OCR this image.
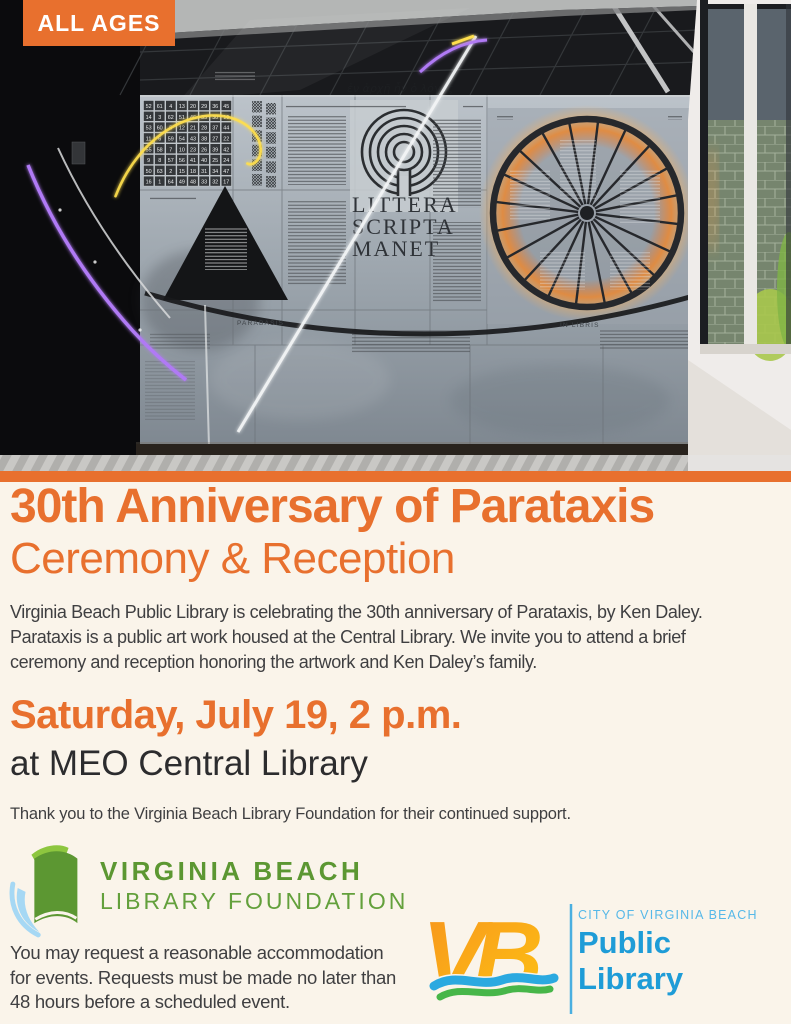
52 61 4 13 20 29 36 45
14 3 62 51 46 35 30 19
53 60 5 12 21 28 37 44
11 6 59 54 43 38 27 22
55 58 7 10 23 26 39 42
9 8 57 56 41 40 25 24
50 63 2 15 18 31 34 47
16 1 64 49 48 33 32 17
ἐν ἀρχῇ ἦν ὁ λόγος
LITTERA
SCRIPTA
MANET
PARABASIS	IN LIBRIS
ALL AGES
30th Anniversary of Parataxis
Ceremony & Reception
Virginia Beach Public Library is celebrating the 30th anniversary of Parataxis, by Ken Daley.
Parataxis is a public art work housed at the Central Library. We invite you to attend a brief
ceremony and reception honoring the artwork and Ken Daley’s family.
Saturday, July 19, 2 p.m.
at MEO Central Library
Thank you to the Virginia Beach Library Foundation for their continued support.
VIRGINIA BEACH
LIBRARY FOUNDATION
You may request a reasonable accommodation
for events. Requests must be made no later than
48 hours before a scheduled event.	VB	CITY OF VIRGINIA BEACH
Public
Library
